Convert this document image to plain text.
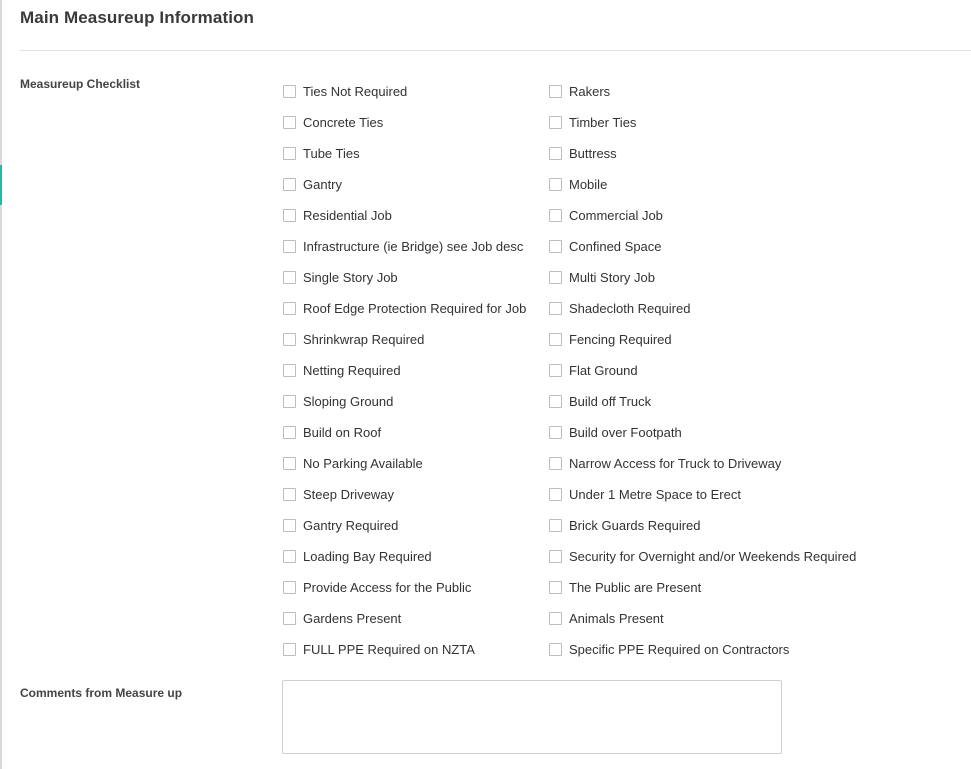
Main Measureup Information
Measureup Checklist	Ties Not Required	Rakers
Concrete Ties	Timber Ties
Tube Ties	Buttress
Gantry	Mobile
Residential Job	Commercial Job
Infrastructure (ie Bridge) see Job desc	Confined Space
Single Story Job	Multi Story Job
Roof Edge Protection Required for Job	Shadecloth Required
Shrinkwrap Required	Fencing Required
Netting Required	Flat Ground
Sloping Ground	Build off Truck
Build on Roof	Build over Footpath
No Parking Available	Narrow Access for Truck to Driveway
Steep Driveway	Under 1 Metre Space to Erect
Gantry Required	Brick Guards Required
Loading Bay Required	Security for Overnight and/or Weekends Required
Provide Access for the Public	The Public are Present
Gardens Present	Animals Present
FULL PPE Required on NZTA	Specific PPE Required on Contractors
Comments from Measure up
